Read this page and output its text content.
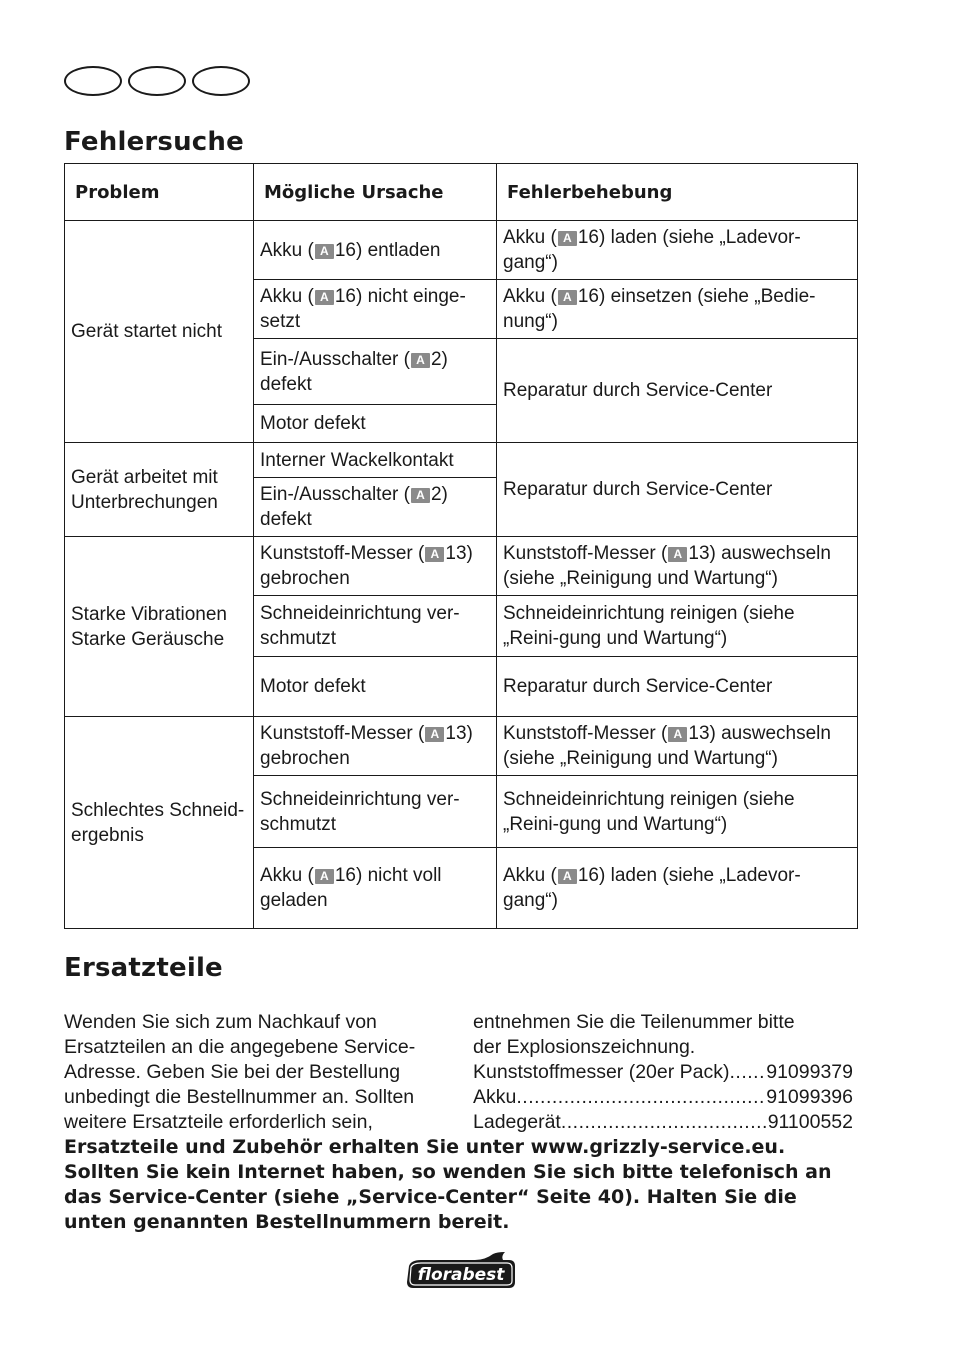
Fehlersuche
Problem	Mögliche Ursache	Fehlerbehebung
Gerät startet nicht	Akku ( A 16) entladen	Akku ( A 16) laden (siehe „Ladevor-gang“)
	Akku ( A 16) nicht einge-setzt	Akku ( A 16) einsetzen (siehe „Bedie-nung“)
	Ein-/Ausschalter ( A 2) defekt	Reparatur durch Service-Center
	Motor defekt	
Gerät arbeitet mit Unterbrechungen	Interner Wackelkontakt	Reparatur durch Service-Center
	Ein-/Ausschalter ( A 2) defekt	
Starke Vibrationen Starke Geräusche	Kunststoff-Messer ( A 13) gebrochen	Kunststoff-Messer ( A 13) auswechseln (siehe „Reinigung und Wartung“)
	Schneideinrichtung ver-schmutzt	Schneideinrichtung reinigen (siehe „Reini-gung und Wartung“)
	Motor defekt	Reparatur durch Service-Center
Schlechtes Schneid-ergebnis	Kunststoff-Messer ( A 13) gebrochen	Kunststoff-Messer ( A 13) auswechseln (siehe „Reinigung und Wartung“)
	Schneideinrichtung ver-schmutzt	Schneideinrichtung reinigen (siehe „Reini-gung und Wartung“)
	Akku ( A 16) nicht voll geladen	Akku ( A 16) laden (siehe „Ladevor-gang“)
Ersatzteile

Wenden Sie sich zum Nachkauf von Ersatzteilen an die angegebene Service-Adresse. Geben Sie bei der Bestellung unbedingt die Bestellnummer an. Sollten weitere Ersatzteile erforderlich sein,

entnehmen Sie die Teilenummer bitte der Explosionszeichnung.

Kunststoffmesser (20er Pack) ..... 91099379
Akku .....	91099396
Ladegerät .....	91100552

Ersatzteile und Zubehör erhalten Sie unter www.grizzly-service.eu. Sollten Sie kein Internet haben, so wenden Sie sich bitte telefonisch an das Service-Center (siehe „Service-Center“ Seite 40). Halten Sie die unten genannten Bestellnummern bereit.

florabest
